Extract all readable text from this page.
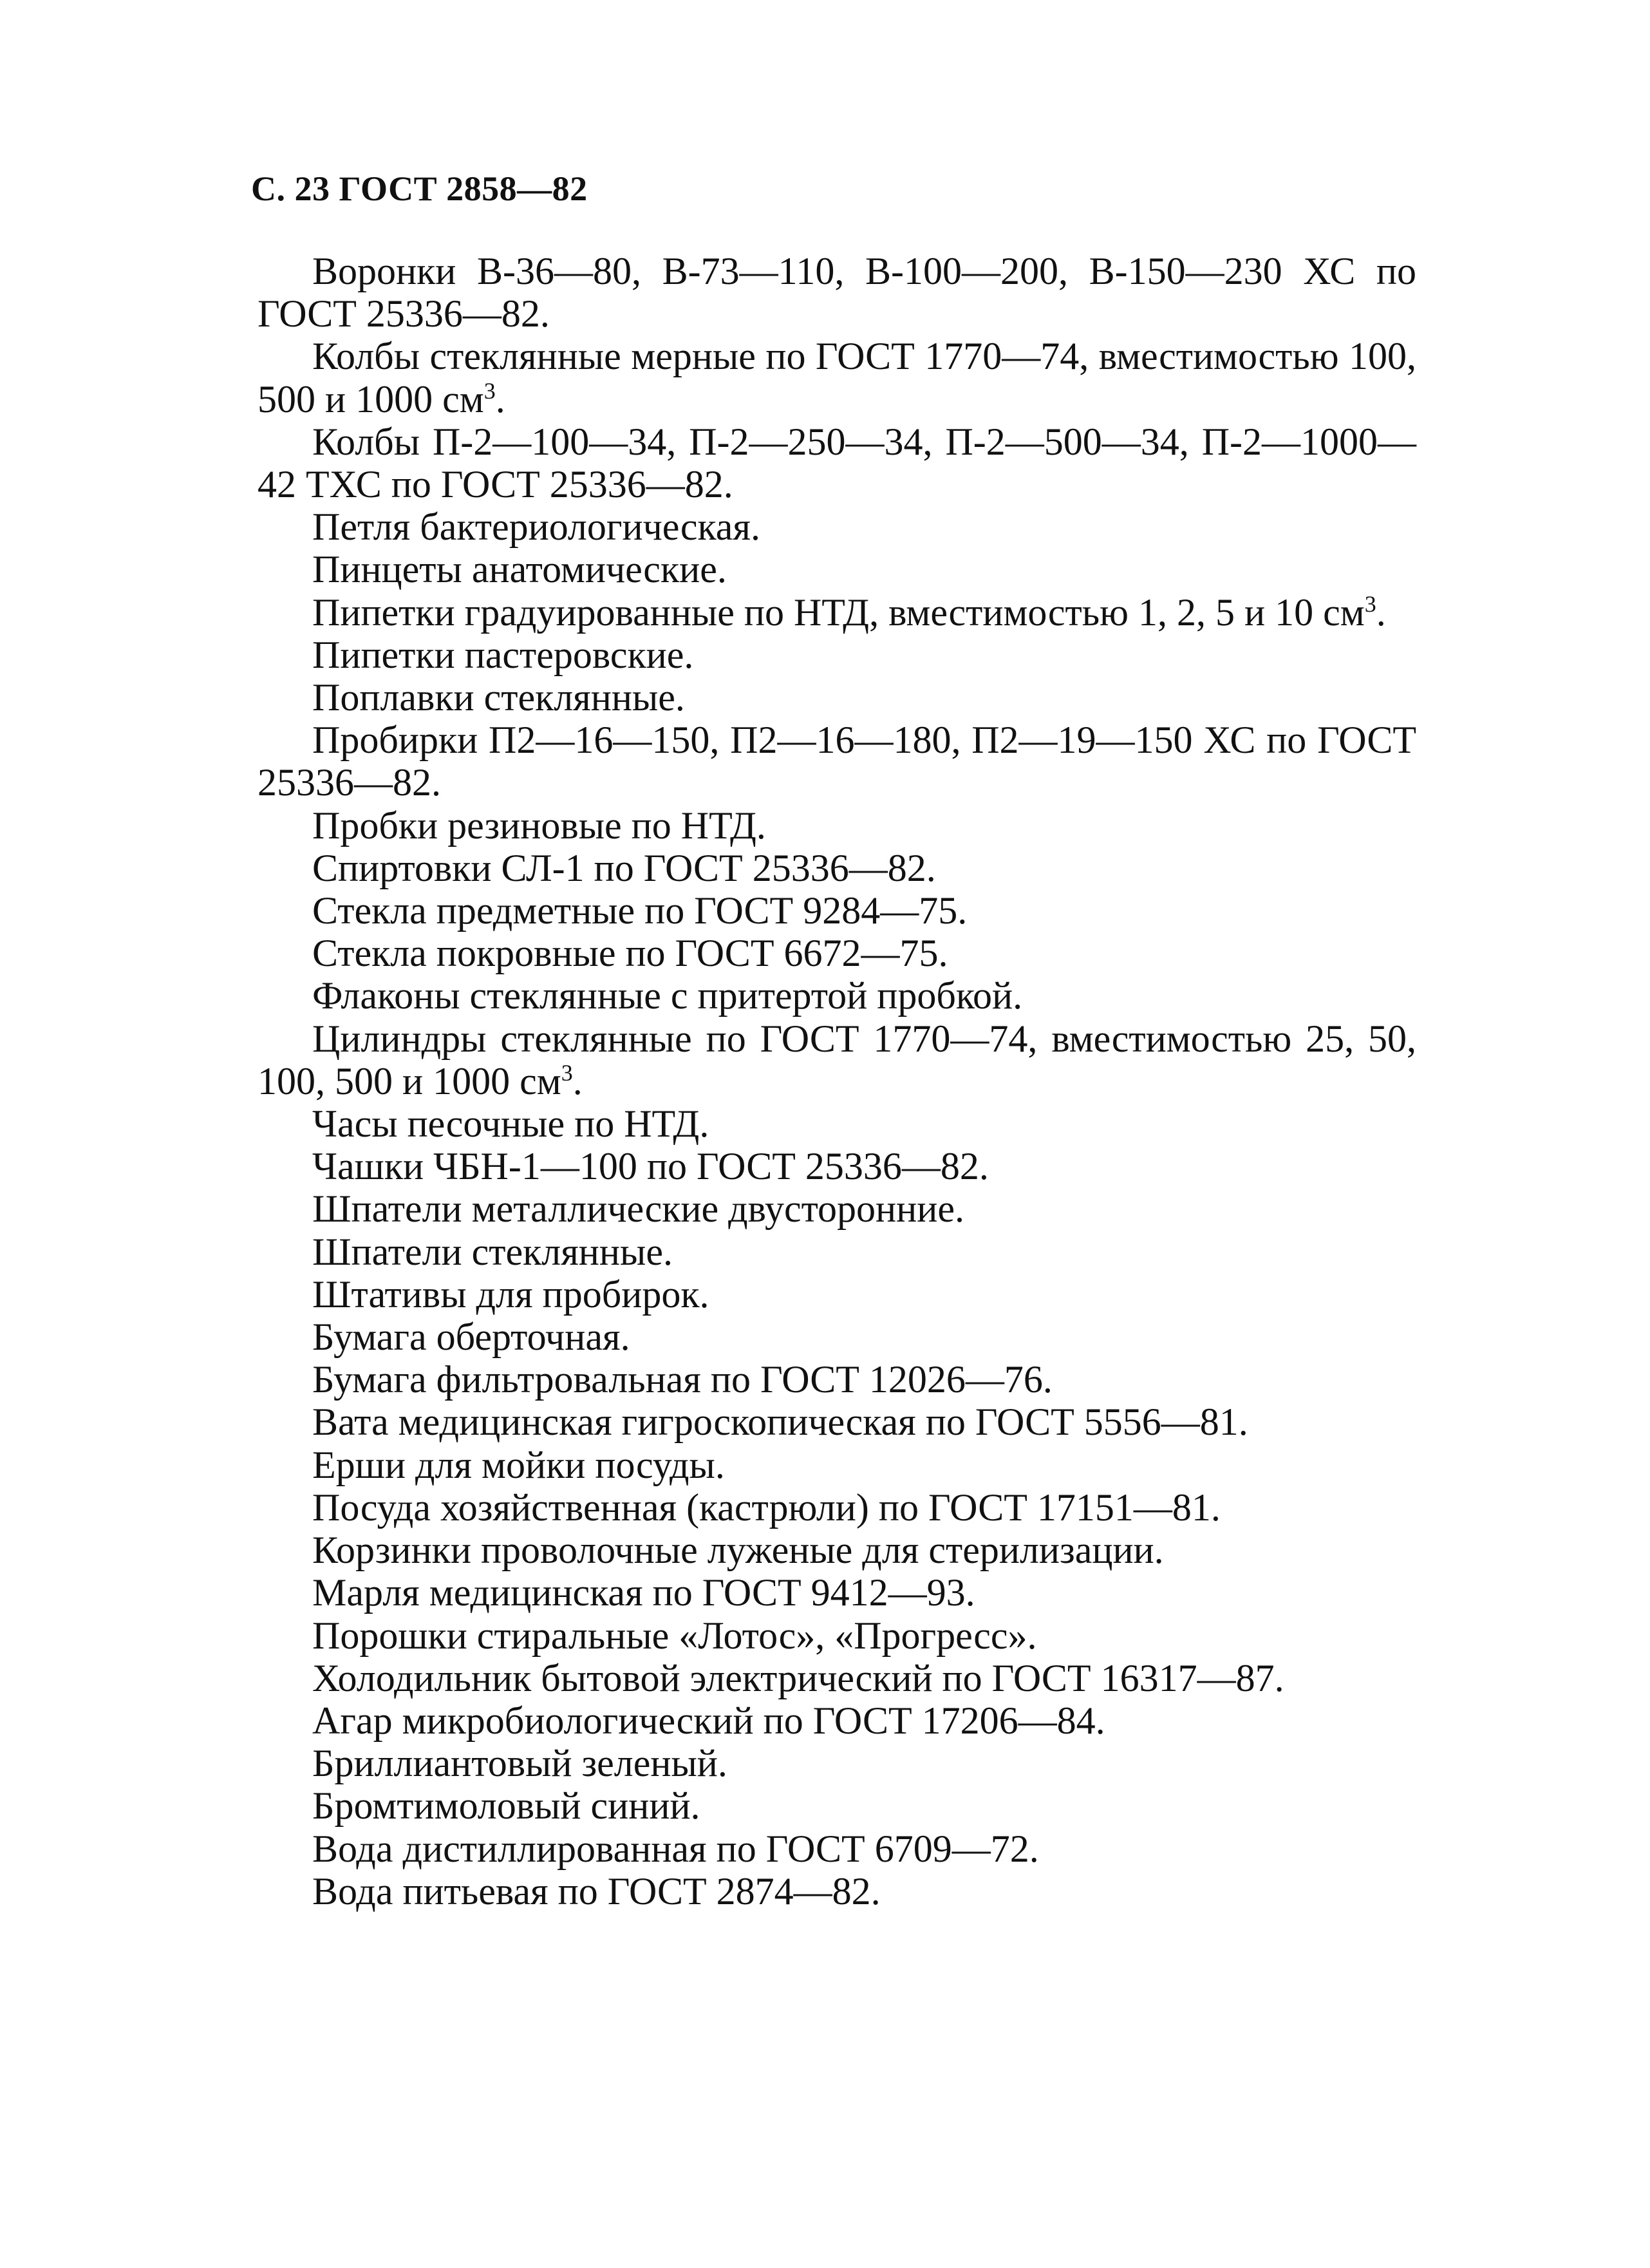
С. 23 ГОСТ 2858—82

Воронки В-36—80, В-73—110, В-100—200, В-150—230 ХС по ГОСТ 25336—82.

Колбы стеклянные мерные по ГОСТ 1770—74, вместимостью 100, 500 и 1000 $см^3$.

Колбы П-2—100—34, П-2—250—34, П-2—500—34, П-2—1000—42 ТХС по ГОСТ 25336—82.

Петля бактериологическая.

Пинцеты анатомические.

Пипетки градуированные по НТД, вместимостью 1, 2, 5 и 10 $см^3$.

Пипетки пастеровские.

Поплавки стеклянные.

Пробирки П2—16—150, П2—16—180, П2—19—150 ХС по ГОСТ 25336—82.

Пробки резиновые по НТД.

Спиртовки СЛ-1 по ГОСТ 25336—82.

Стекла предметные по ГОСТ 9284—75.

Стекла покровные по ГОСТ 6672—75.

Флаконы стеклянные с притертой пробкой.

Цилиндры стеклянные по ГОСТ 1770—74, вместимостью 25, 50, 100, 500 и 1000 $см^3$.

Часы песочные по НТД.

Чашки ЧБН-1—100 по ГОСТ 25336—82.

Шпатели металлические двусторонние.

Шпатели стеклянные.

Штативы для пробирок.

Бумага оберточная.

Бумага фильтровальная по ГОСТ 12026—76.

Вата медицинская гигроскопическая по ГОСТ 5556—81.

Ерши для мойки посуды.

Посуда хозяйственная (кастрюли) по ГОСТ 17151—81.

Корзинки проволочные луженые для стерилизации.

Марля медицинская по ГОСТ 9412—93.

Порошки стиральные «Лотос», «Прогресс».

Холодильник бытовой электрический по ГОСТ 16317—87.

Агар микробиологический по ГОСТ 17206—84.

Бриллиантовый зеленый.

Бромтимоловый синий.

Вода дистиллированная по ГОСТ 6709—72.

Вода питьевая по ГОСТ 2874—82.
